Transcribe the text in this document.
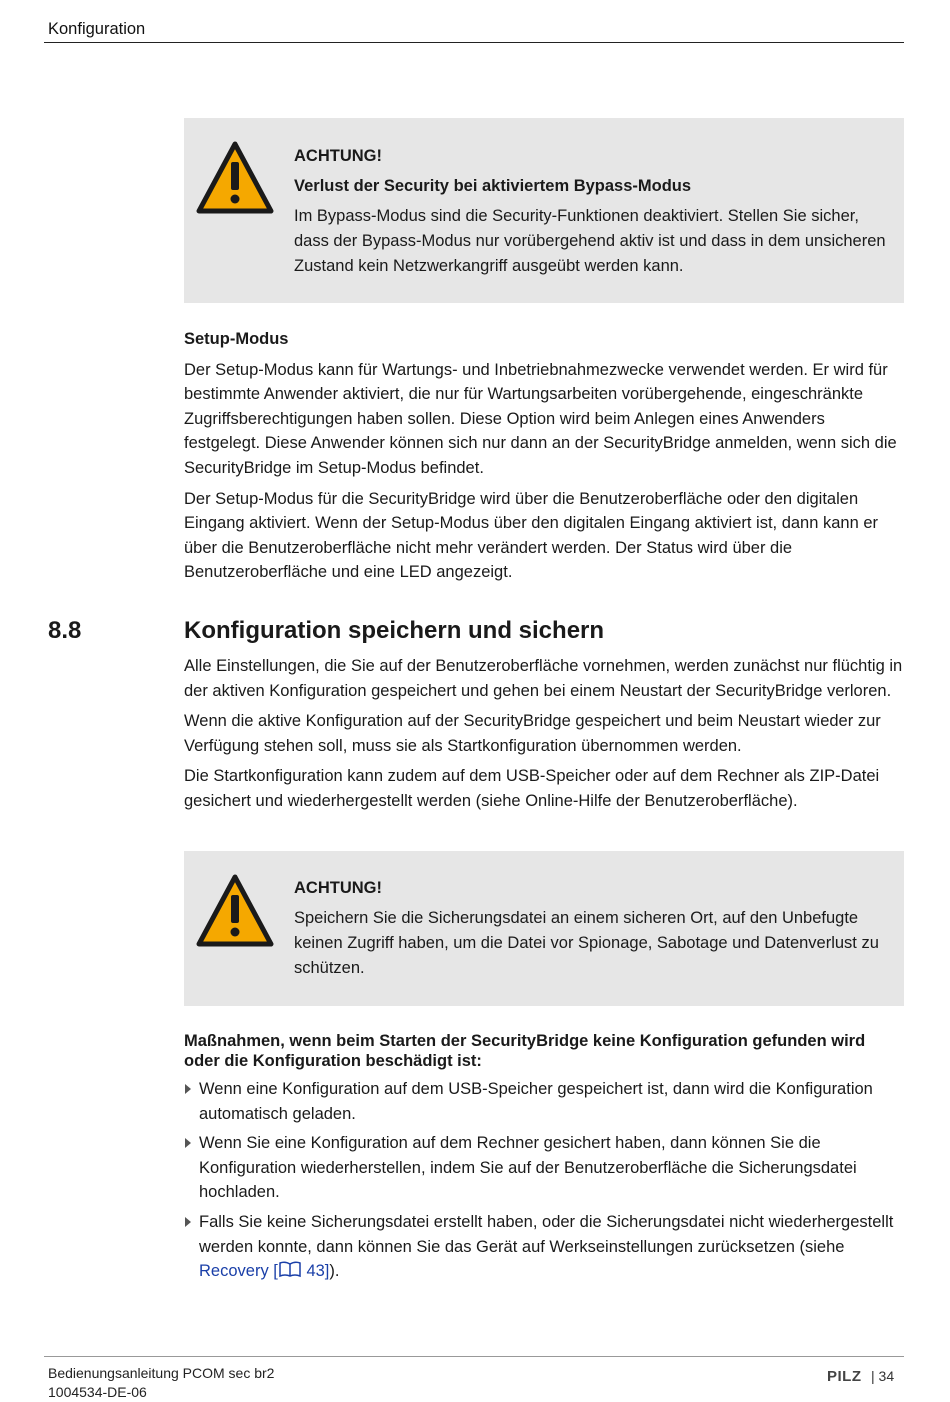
Konfiguration
ACHTUNG!
Verlust der Security bei aktiviertem Bypass-Modus
Im Bypass-Modus sind die Security-Funktionen deaktiviert. Stellen Sie sicher, dass der Bypass-Modus nur vorübergehend aktiv ist und dass in dem unsicheren Zustand kein Netzwerkangriff ausgeübt werden kann.

Setup-Modus

Der Setup-Modus kann für Wartungs- und Inbetriebnahmezwecke verwendet werden. Er wird für bestimmte Anwender aktiviert, die nur für Wartungsarbeiten vorübergehende, eingeschränkte Zugriffsberechtigungen haben sollen. Diese Option wird beim Anlegen eines Anwenders festgelegt. Diese Anwender können sich nur dann an der SecurityBridge anmelden, wenn sich die SecurityBridge im Setup-Modus befindet.

Der Setup-Modus für die SecurityBridge wird über die Benutzeroberfläche oder den digitalen Eingang aktiviert. Wenn der Setup-Modus über den digitalen Eingang aktiviert ist, dann kann er über die Benutzeroberfläche nicht mehr verändert werden. Der Status wird über die Benutzeroberfläche und eine LED angezeigt.

8.8	Konfiguration speichern und sichern

Alle Einstellungen, die Sie auf der Benutzeroberfläche vornehmen, werden zunächst nur flüchtig in der aktiven Konfiguration gespeichert und gehen bei einem Neustart der SecurityBridge verloren.

Wenn die aktive Konfiguration auf der SecurityBridge gespeichert und beim Neustart wieder zur Verfügung stehen soll, muss sie als Startkonfiguration übernommen werden.

Die Startkonfiguration kann zudem auf dem USB-Speicher oder auf dem Rechner als ZIP-Datei gesichert und wiederhergestellt werden (siehe Online-Hilfe der Benutzeroberfläche).

ACHTUNG!
Speichern Sie die Sicherungsdatei an einem sicheren Ort, auf den Unbefugte keinen Zugriff haben, um die Datei vor Spionage, Sabotage und Datenverlust zu schützen.

Maßnahmen, wenn beim Starten der SecurityBridge keine Konfiguration gefunden wird oder die Konfiguration beschädigt ist:

Wenn eine Konfiguration auf dem USB-Speicher gespeichert ist, dann wird die Konfiguration automatisch geladen.
Wenn Sie eine Konfiguration auf dem Rechner gesichert haben, dann können Sie die Konfiguration wiederherstellen, indem Sie auf der Benutzeroberfläche die Sicherungsdatei hochladen.
Falls Sie keine Sicherungsdatei erstellt haben, oder die Sicherungsdatei nicht wiederhergestellt werden konnte, dann können Sie das Gerät auf Werkseinstellungen zurücksetzen (siehe Recovery [ 43]).
Bedienungsanleitung PCOM sec br2
1004534-DE-06
PILZ | 34
